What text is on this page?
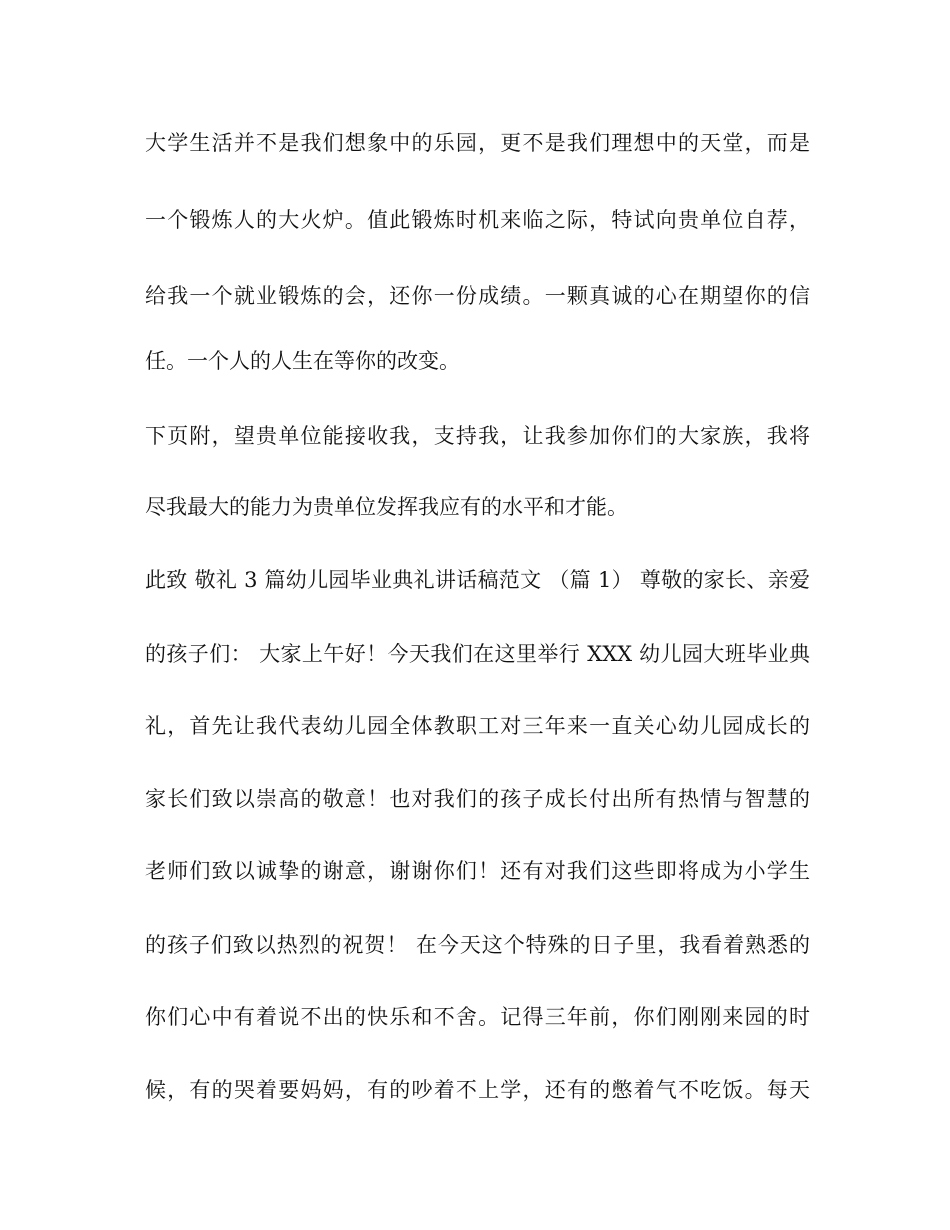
大学生活并不是我们想象中的乐园，更不是我们理想中的天堂，而是
一个锻炼人的大火炉。值此锻炼时机来临之际，特试向贵单位自荐，
给我一个就业锻炼的会，还你一份成绩。一颗真诚的心在期望你的信
任。一个人的人生在等你的改变。
下页附，望贵单位能接收我，支持我，让我参加你们的大家族，我将
尽我最大的能力为贵单位发挥我应有的水平和才能。
此致 敬礼 3 篇幼儿园毕业典礼讲话稿范文 （篇 1） 尊敬的家长、亲爱
的孩子们： 大家上午好！今天我们在这里举行 XXX 幼儿园大班毕业典
礼，首先让我代表幼儿园全体教职工对三年来一直关心幼儿园成长的
家长们致以崇高的敬意！也对我们的孩子成长付出所有热情与智慧的
老师们致以诚挚的谢意，谢谢你们！还有对我们这些即将成为小学生
的孩子们致以热烈的祝贺！ 在今天这个特殊的日子里，我看着熟悉的
你们心中有着说不出的快乐和不舍。记得三年前，你们刚刚来园的时
候，有的哭着要妈妈，有的吵着不上学，还有的憋着气不吃饭。每天
